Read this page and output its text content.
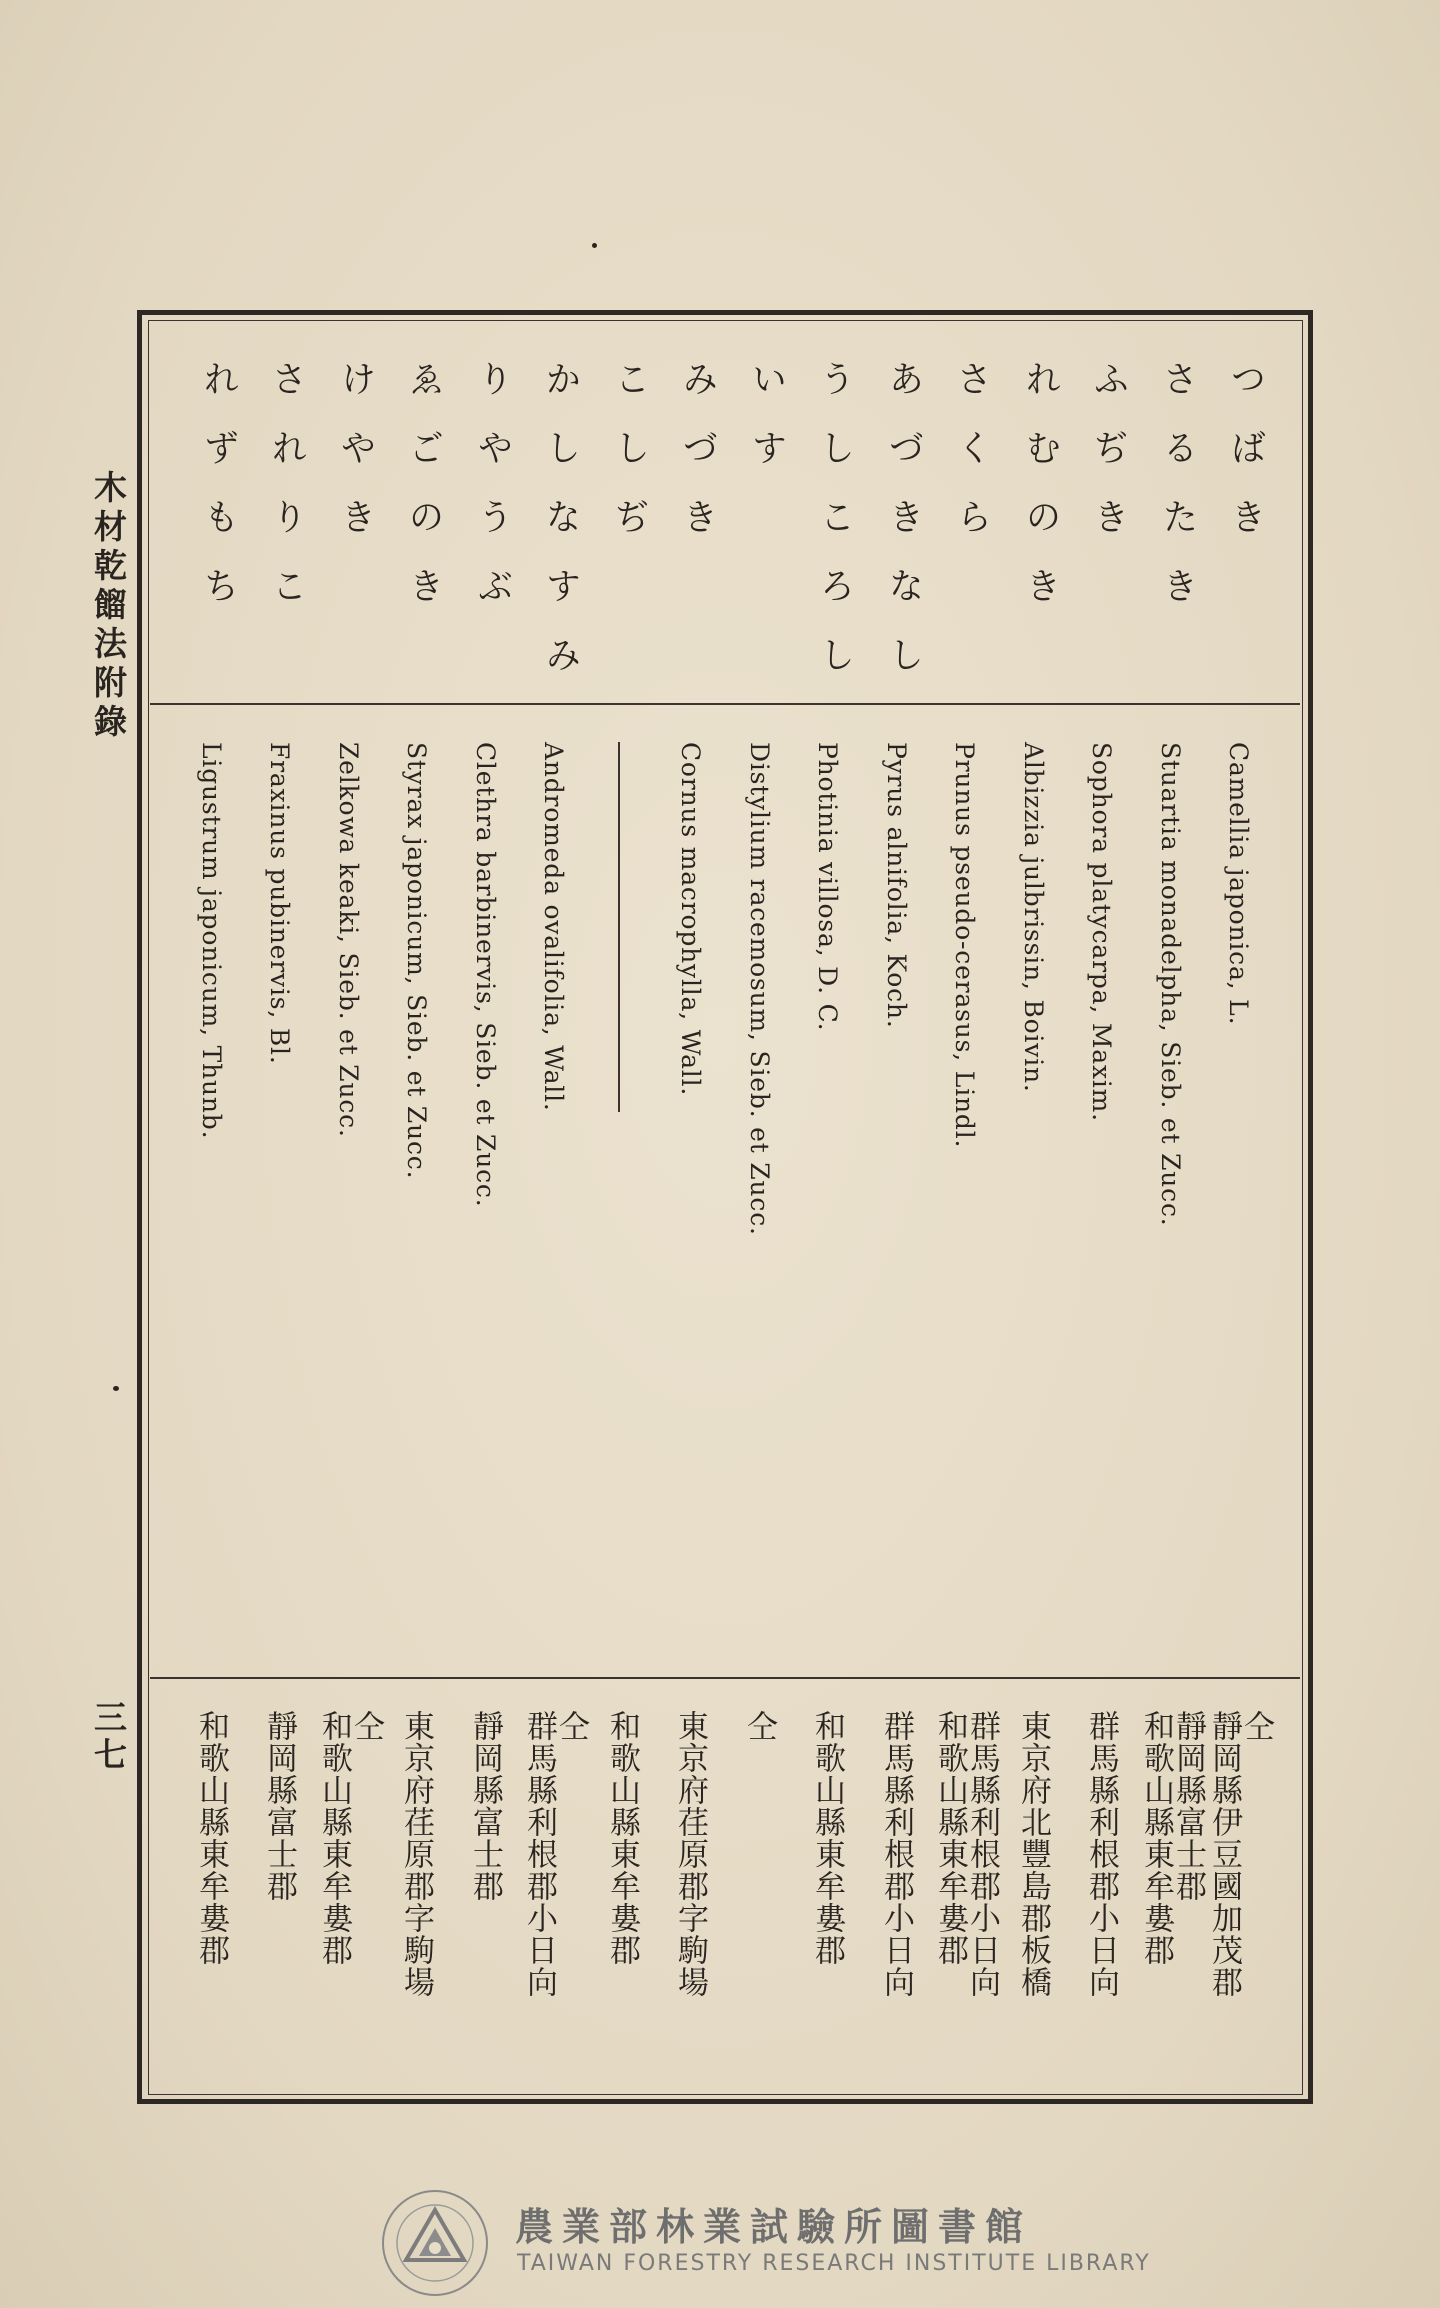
木材乾餾法附錄
三七
つばき
Camellia japonica, L.
仝
靜岡縣伊豆國加茂郡
さるたき
Stuartia monadelpha, Sieb. et Zucc.
靜岡縣富士郡
和歌山縣東牟婁郡
ふぢき
Sophora platycarpa, Maxim.
群馬縣利根郡小日向
れむのき
Albizzia julbrissin, Boivin.
東京府北豐島郡板橋
さくら
Prunus pseudo-cerasus, Lindl.
群馬縣利根郡小日向
和歌山縣東牟婁郡
あづきなし
Pyrus alnifolia, Koch.
群馬縣利根郡小日向
うしころし
Photinia villosa, D. C.
和歌山縣東牟婁郡
いす
Distylium racemosum, Sieb. et Zucc.
仝
みづき
Cornus macrophylla, Wall.
東京府荏原郡字駒場
こしぢ
和歌山縣東牟婁郡
かしなすみ
Andromeda ovalifolia, Wall.
仝
群馬縣利根郡小日向
りやうぶ
Clethra barbinervis, Sieb. et Zucc.
靜岡縣富士郡
ゑごのき
Styrax japonicum, Sieb. et Zucc.
東京府荏原郡字駒場
けやき
Zelkowa keaki, Sieb. et Zucc.
仝
和歌山縣東牟婁郡
されりこ
Fraxinus pubinervis, Bl.
靜岡縣富士郡
れずもち
Ligustrum japonicum, Thunb.
和歌山縣東牟婁郡
農業部林業試驗所圖書館
TAIWAN FORESTRY RESEARCH INSTITUTE LIBRARY
